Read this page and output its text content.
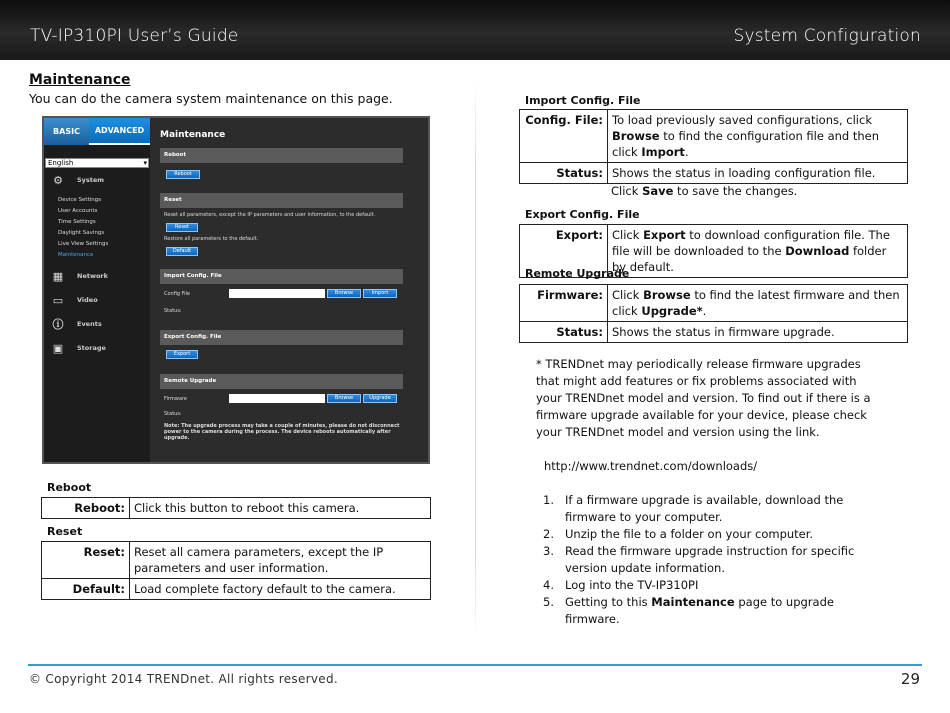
TV-IP310PI User’s Guide	System Configuration
Maintenance
You can do the camera system maintenance on this page.
BASIC	ADVANCED
English	▾
⚙	System
Device Settings
User Accounts
Time Settings
Daylight Savings
Live View Settings
Maintenance
▦	Network
▭	Video
ⓘ	Events
▣	Storage
Maintenance
Reboot
Reboot
Reset
Reset all parameters, except the IP parameters and user information, to the default.
Reset
Restore all parameters to the default.
Default
Import Config. File
Config File	Browse	Import
Status:
Export Config. File
Export
Remote Upgrade
Firmware	Browse	Upgrade
Status:
Note: The upgrade process may take a couple of minutes, please do not disconnect power to the camera during the process. The device reboots automatically after upgrade.
Reboot
Reboot:	Click this button to reboot this camera.
Reset
Reset:	Reset all camera parameters, except the IP parameters and user information.
Default:	Load complete factory default to the camera.
Import Config. File
Config. File:	To load previously saved configurations, click Browse to find the configuration file and then click Import.
Status:	Shows the status in loading configuration file.
Click Save to save the changes.
Export Config. File
Export:	Click Export to download configuration file. The file will be downloaded to the Download folder by default.
Remote Upgrade
Firmware:	Click Browse to find the latest firmware and then click Upgrade*.
Status:	Shows the status in firmware upgrade.
* TRENDnet may periodically release firmware upgrades that might add features or fix problems associated with your TRENDnet model and version. To find out if there is a firmware upgrade available for your device, please check your TRENDnet model and version using the link.
http://www.trendnet.com/downloads/
1. If a firmware upgrade is available, download the firmware to your computer.
2. Unzip the file to a folder on your computer.
3. Read the firmware upgrade instruction for specific version update information.
4. Log into the TV-IP310PI
5. Getting to this Maintenance page to upgrade firmware.
© Copyright 2014 TRENDnet. All rights reserved.	29
